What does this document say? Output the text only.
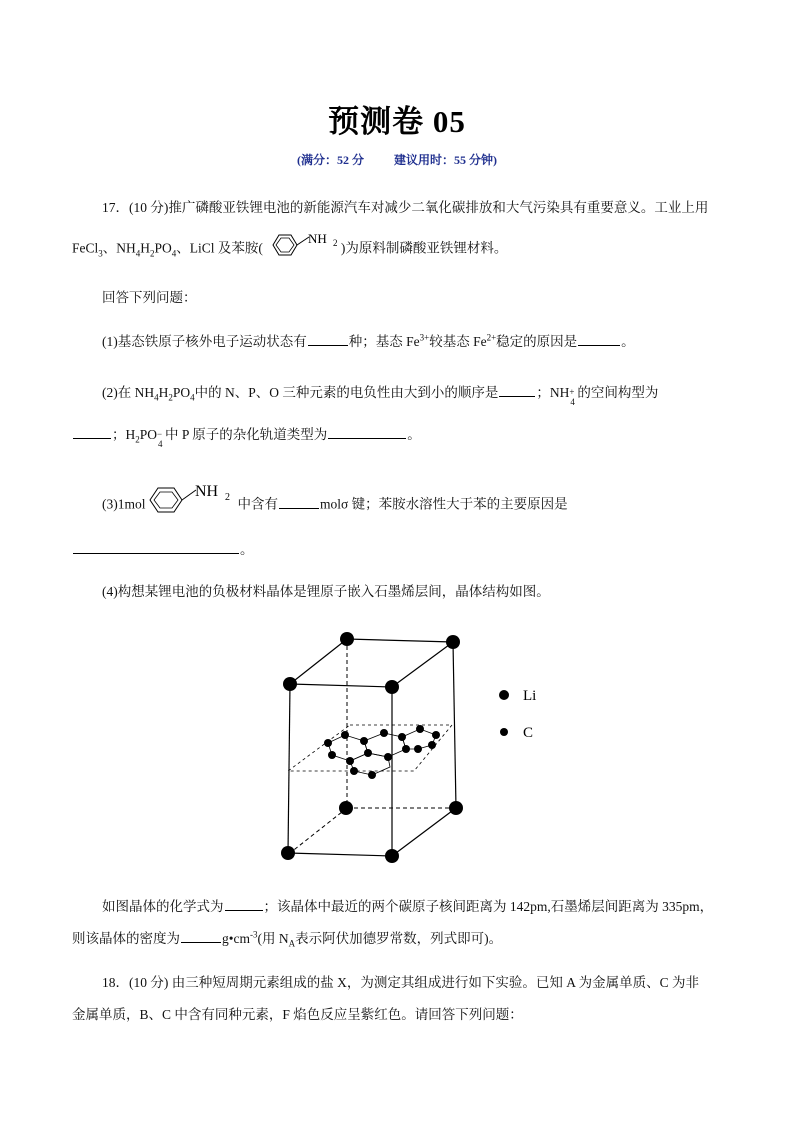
预测卷 05
(满分：52 分          建议用时：55 分钟)
17．(10 分)推广磷酸亚铁锂电池的新能源汽车对减少二氧化碳排放和大气污染具有重要意义。工业上用
FeCl$_3$、$NH_4H_2PO_4$、LiCl 及苯胺(
NH 2 )为原料制磷酸亚铁锂材料。
回答下列问题：
(1)基态铁原子核外电子运动状态有	种；基态 $Fe^{3+}$较基态 $Fe^{2+}$稳定的原因是	。
(2)在 $NH_4H_2PO_4$中的 N、P、O 三种元素的电负性由大到小的顺序是	；NH +
4
的空间构型为
；$H_2PO$ −
4
中 P 原子的杂化轨道类型为	。
(3)1mol
NH 2 中含有	molσ 键；苯胺水溶性大于苯的主要原因是
。
(4)构想某锂电池的负极材料晶体是锂原子嵌入石墨烯层间，晶体结构如图。
Li
C
如图晶体的化学式为	；该晶体中最近的两个碳原子核间距离为 142pm,石墨烯层间距离为 335pm，
则该晶体的密度为	$g•cm^{-3}$(用 $N_A$表示阿伏加德罗常数，列式即可)。
18．(10 分) 由三种短周期元素组成的盐 X，为测定其组成进行如下实验。已知 A 为金属单质、C 为非
金属单质，B、C 中含有同种元素，F 焰色反应呈紫红色。请回答下列问题：
